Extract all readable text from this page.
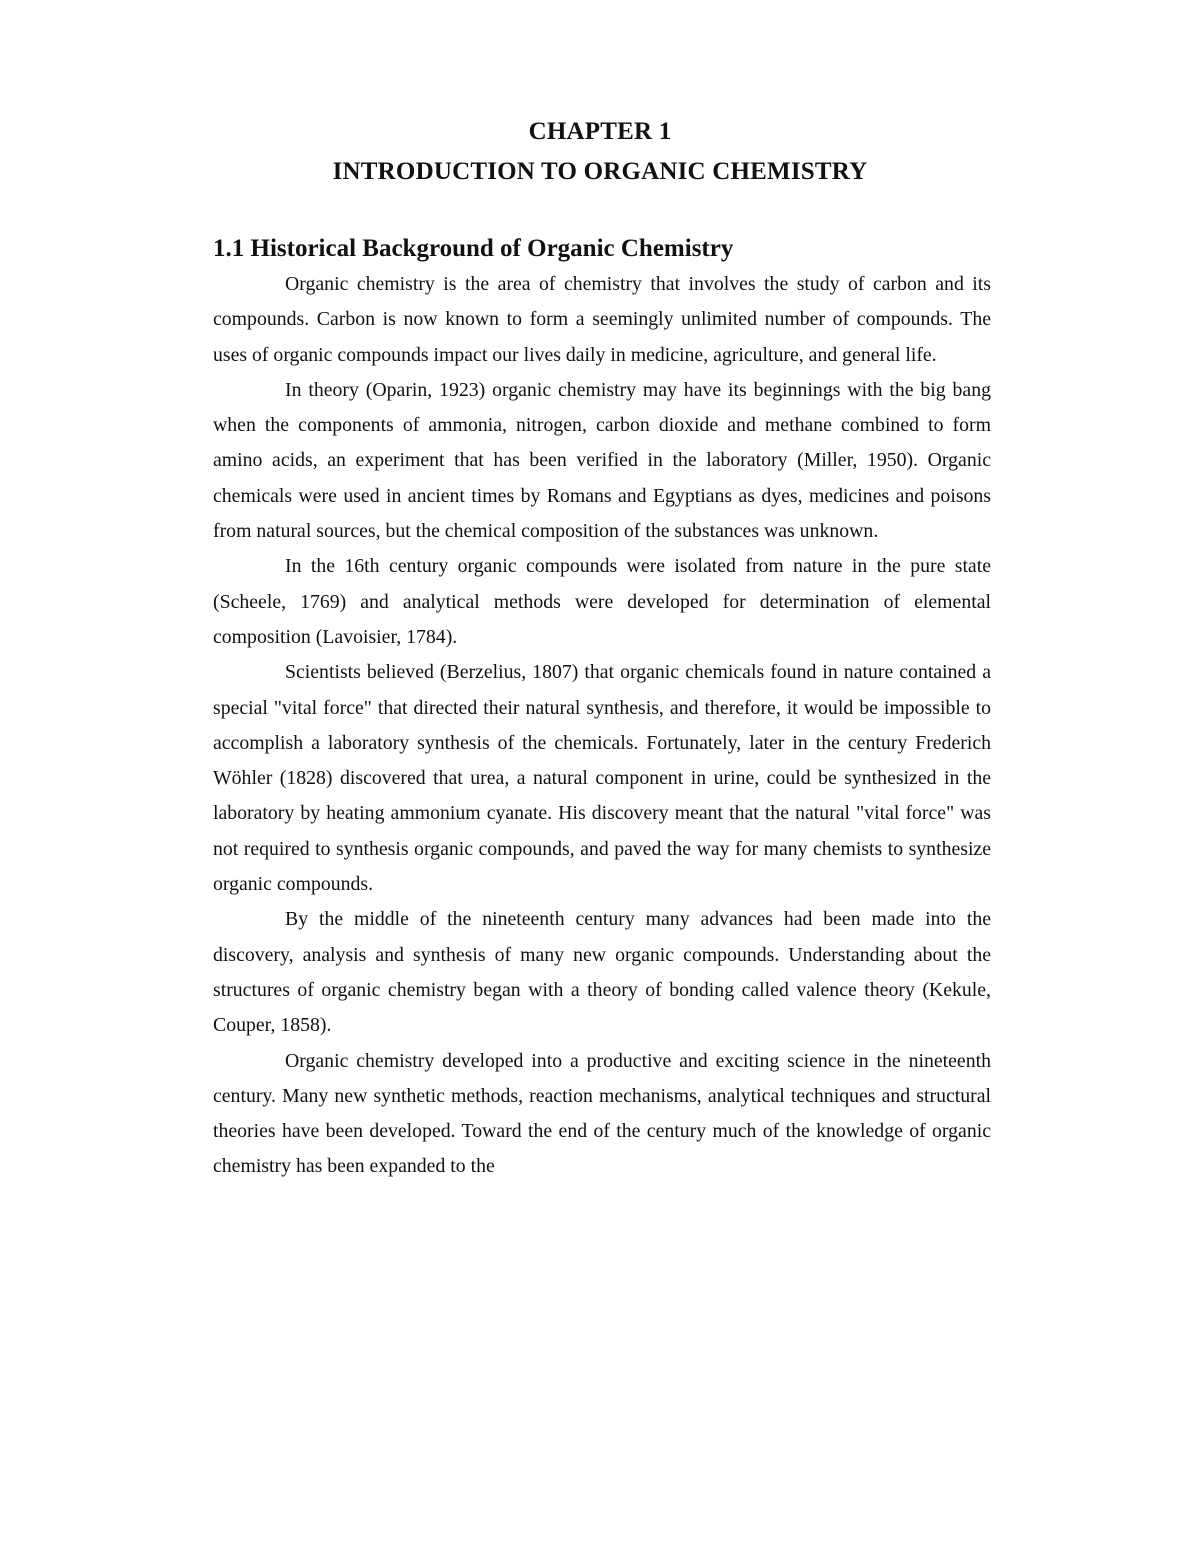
CHAPTER 1
INTRODUCTION TO ORGANIC CHEMISTRY
1.1 Historical Background of Organic Chemistry

Organic chemistry is the area of chemistry that involves the study of carbon and its compounds. Carbon is now known to form a seemingly unlimited number of compounds. The uses of organic compounds impact our lives daily in medicine, agriculture, and general life.

In theory (Oparin, 1923) organic chemistry may have its beginnings with the big bang when the components of ammonia, nitrogen, carbon dioxide and methane combined to form amino acids, an experiment that has been verified in the laboratory (Miller, 1950). Organic chemicals were used in ancient times by Romans and Egyptians as dyes, medicines and poisons from natural sources, but the chemical composition of the substances was unknown.

In the 16th century organic compounds were isolated from nature in the pure state (Scheele, 1769) and analytical methods were developed for determination of elemental composition (Lavoisier, 1784).

Scientists believed (Berzelius, 1807) that organic chemicals found in nature contained a special "vital force" that directed their natural synthesis, and therefore, it would be impossible to accomplish a laboratory synthesis of the chemicals. Fortunately, later in the century Frederich Wöhler (1828) discovered that urea, a natural component in urine, could be synthesized in the laboratory by heating ammonium cyanate. His discovery meant that the natural "vital force" was not required to synthesis organic compounds, and paved the way for many chemists to synthesize organic compounds.

By the middle of the nineteenth century many advances had been made into the discovery, analysis and synthesis of many new organic compounds. Understanding about the structures of organic chemistry began with a theory of bonding called valence theory (Kekule, Couper, 1858).

Organic chemistry developed into a productive and exciting science in the nineteenth century. Many new synthetic methods, reaction mechanisms, analytical techniques and structural theories have been developed. Toward the end of the century much of the knowledge of organic chemistry has been expanded to the
